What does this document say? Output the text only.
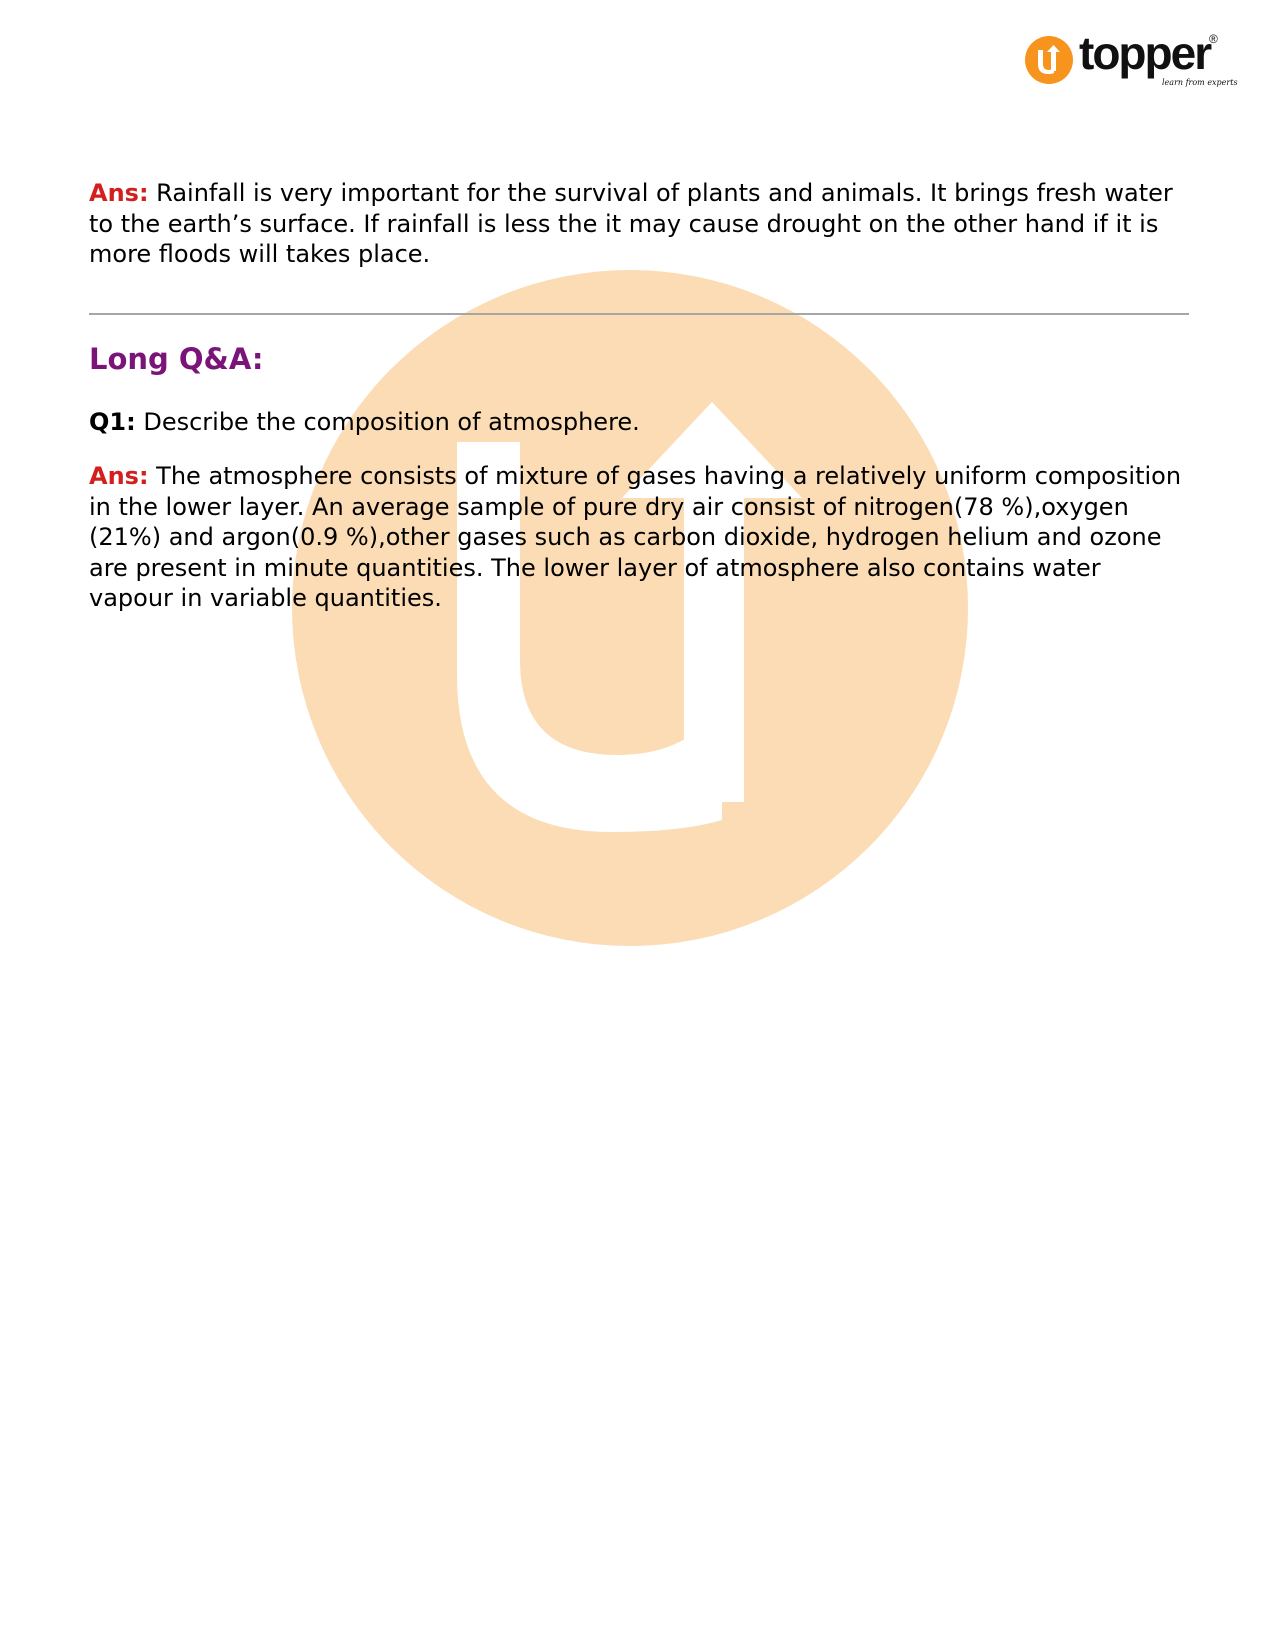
topper
®
learn from experts

Ans: Rainfall is very important for the survival of plants and animals. It brings fresh water to the earth’s surface. If rainfall is less the it may cause drought on the other hand if it is more floods will takes place.

Long Q&A:

Q1: Describe the composition of atmosphere.

Ans: The atmosphere consists of mixture of gases having a relatively uniform composition in the lower layer. An average sample of pure dry air consist of nitrogen(78 %),oxygen (21%) and argon(0.9 %),other gases such as carbon dioxide, hydrogen helium and ozone are present in minute quantities. The lower layer of atmosphere also contains water vapour in variable quantities.
